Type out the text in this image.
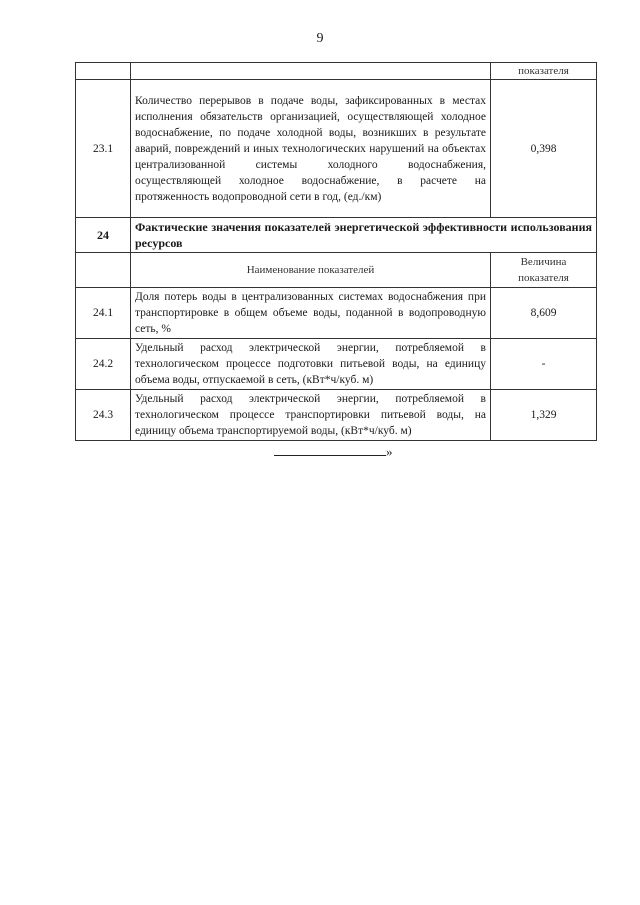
9
		показателя
23.1	Количество перерывов в подаче воды, зафиксированных в местах исполнения обязательств организацией, осуществляющей холодное водоснабжение, по подаче холодной воды, возникших в результате аварий, повреждений и иных технологических нарушений на объектах централизованной системы холодного водоснабжения, осуществляющей холодное водоснабжение, в расчете на протяженность водопроводной сети в год, (ед./км)	0,398
24	Фактические значения показателей энергетической эффективности использования ресурсов	
	Наименование показателей	Величина показателя
24.1	Доля потерь воды в централизованных системах водоснабжения при транспортировке в общем объеме воды, поданной в водопроводную сеть, %	8,609
24.2	Удельный расход электрической энергии, потребляемой в технологическом процессе подготовки питьевой воды, на единицу объема воды, отпускаемой в сеть, (кВт*ч/куб. м)	-
24.3	Удельный расход электрической энергии, потребляемой в технологическом процессе транспортировки питьевой воды, на единицу объема транспортируемой воды, (кВт*ч/куб. м)	1,329
»
